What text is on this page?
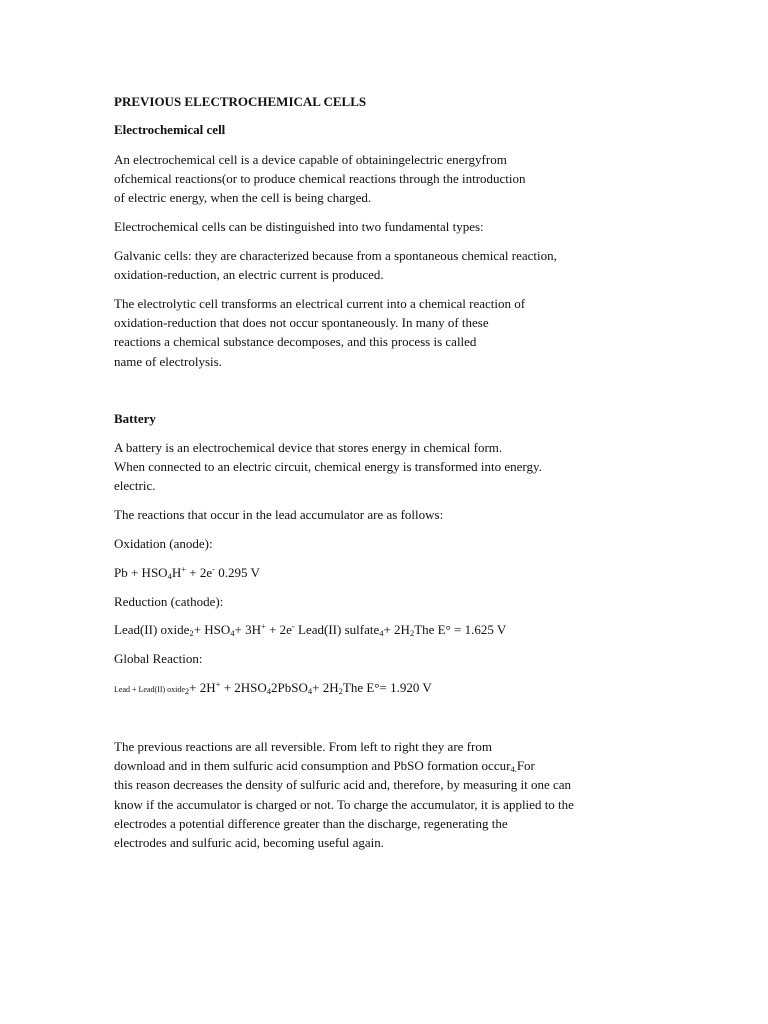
PREVIOUS ELECTROCHEMICAL CELLS
Electrochemical cell

An electrochemical cell is a device capable of obtainingelectric energyfrom
ofchemical reactions(or to produce chemical reactions through the introduction
of electric energy, when the cell is being charged.

Electrochemical cells can be distinguished into two fundamental types:

Galvanic cells: they are characterized because from a spontaneous chemical reaction,
oxidation-reduction, an electric current is produced.

The electrolytic cell transforms an electrical current into a chemical reaction of
oxidation-reduction that does not occur spontaneously. In many of these
reactions a chemical substance decomposes, and this process is called
name of electrolysis.

Battery

A battery is an electrochemical device that stores energy in chemical form.
When connected to an electric circuit, chemical energy is transformed into energy.
electric.

The reactions that occur in the lead accumulator are as follows:

Oxidation (anode):

$Pb + HSO_4H^+ + 2e^-$ 0.295 V

Reduction (cathode):

Lead(II) oxide$_2$+ $HSO_4+ 3H^+ + 2e^-$ Lead(II) sulfate$_4$+ $2H_2The$ E° = 1.625 V

Global Reaction:

Lead + Lead(II) oxide$_2$+ $2H^+ + 2HSO_42PbSO_4+ 2H_2The$ E°= 1.920 V

The previous reactions are all reversible. From left to right they are from
download and in them sulfuric acid consumption and PbSO formation occur$_{4.}$For
this reason decreases the density of sulfuric acid and, therefore, by measuring it one can
know if the accumulator is charged or not. To charge the accumulator, it is applied to the
electrodes a potential difference greater than the discharge, regenerating the
electrodes and sulfuric acid, becoming useful again.
